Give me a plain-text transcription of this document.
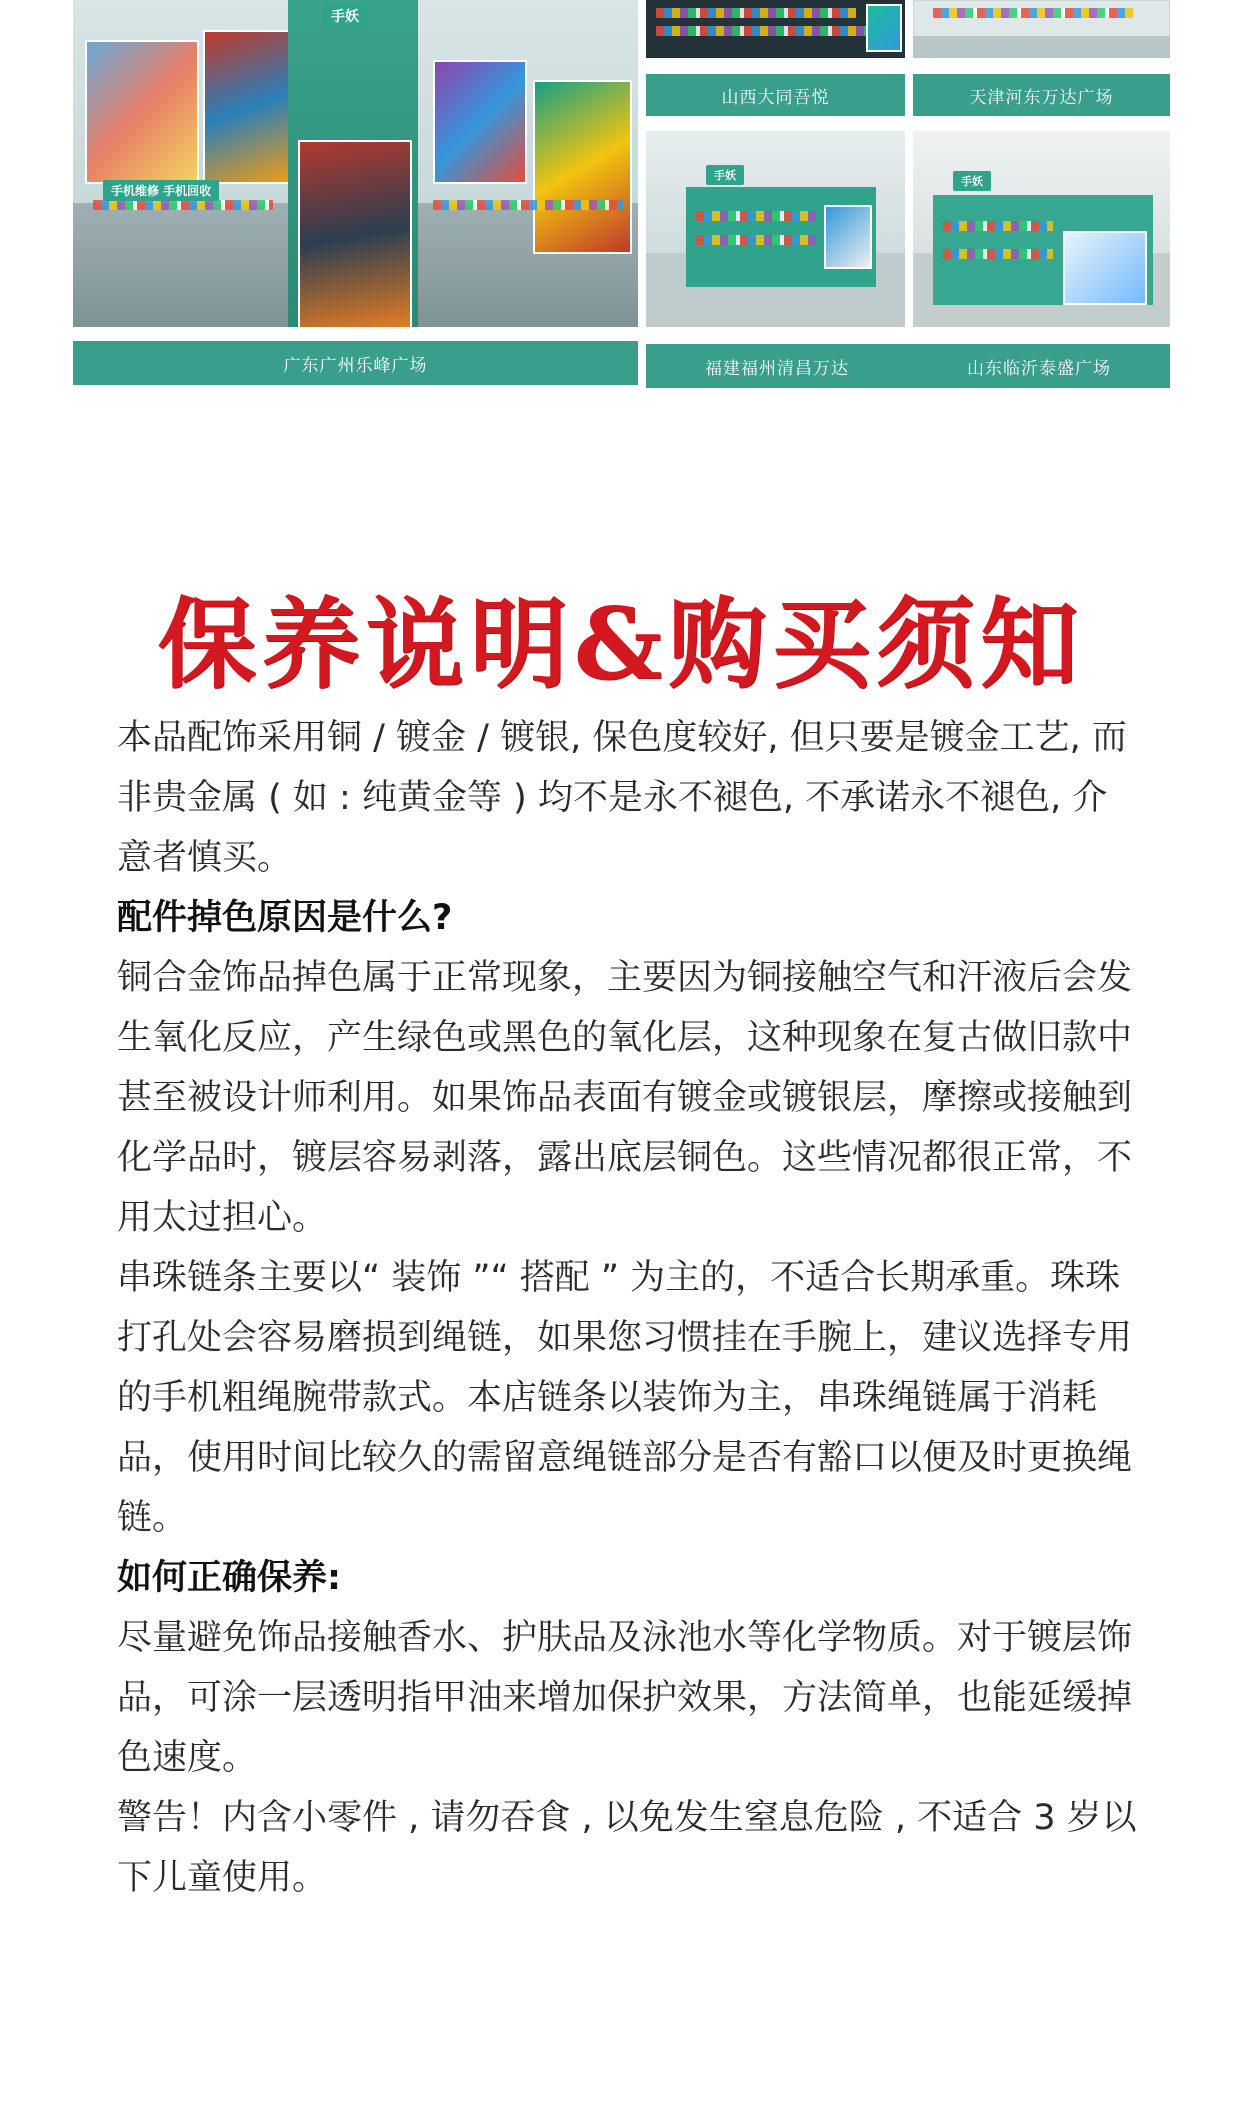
手妖
手机维修 手机回收
广东广州乐峰广场
山西大同吾悦	天津河东万达广场
手妖
福建福州清昌万达	山东临沂泰盛广场
手妖
保养说明&购买须知

本品配饰采用铜 / 镀金 / 镀银, 保色度较好, 但只要是镀金工艺, 而非贵金属 ( 如 : 纯黄金等 ) 均不是永不褪色, 不承诺永不褪色, 介意者慎买。

配件掉色原因是什么?

铜合金饰品掉色属于正常现象，主要因为铜接触空气和汗液后会发生氧化反应，产生绿色或黑色的氧化层，这种现象在复古做旧款中甚至被设计师利用。如果饰品表面有镀金或镀银层，摩擦或接触到化学品时，镀层容易剥落，露出底层铜色。这些情况都很正常，不用太过担心。

串珠链条主要以“ 装饰 ”“ 搭配 ” 为主的，不适合长期承重。珠珠打孔处会容易磨损到绳链，如果您习惯挂在手腕上，建议选择专用的手机粗绳腕带款式。本店链条以装饰为主，串珠绳链属于消耗品，使用时间比较久的需留意绳链部分是否有豁口以便及时更换绳链。

如何正确保养:

尽量避免饰品接触香水、护肤品及泳池水等化学物质。对于镀层饰品，可涂一层透明指甲油来增加保护效果，方法简单，也能延缓掉色速度。

警告！内含小零件 , 请勿吞食 , 以免发生窒息危险 , 不适合 3 岁以下儿童使用。
